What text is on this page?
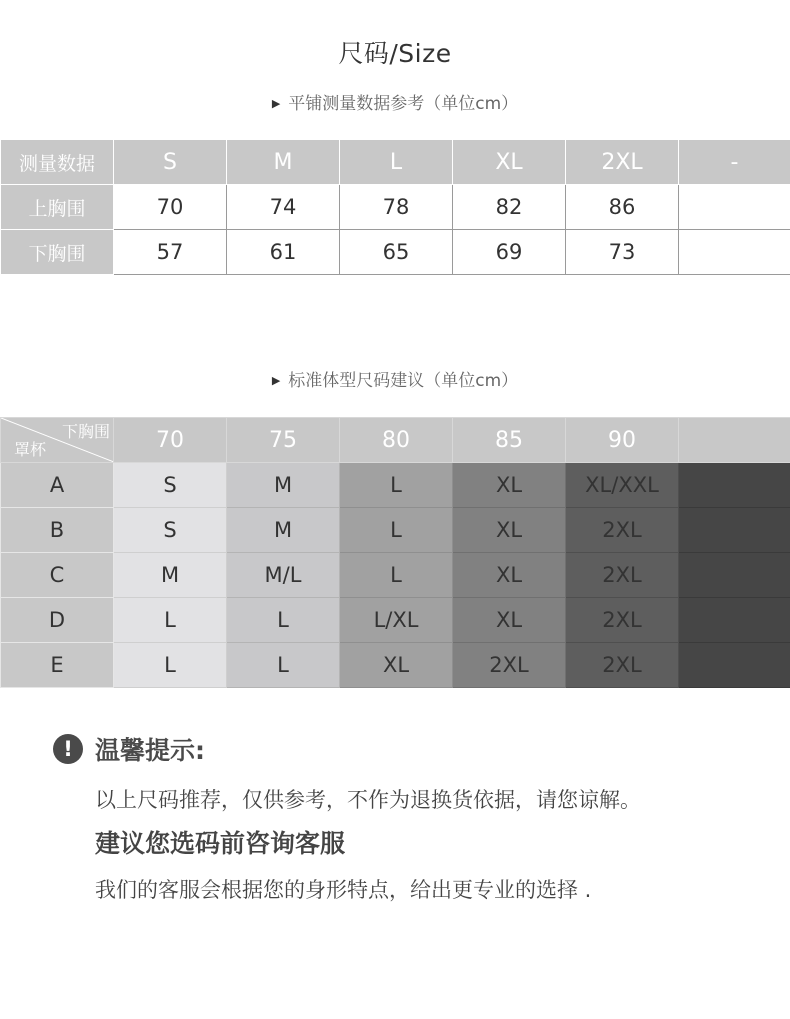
尺码/Size
▶ 平铺测量数据参考（单位cm）
测量数据	S	M	L	XL	2XL	-
上胸围	70	74	78	82	86	
下胸围	57	61	65	69	73	
▶ 标准体型尺码建议（单位cm）
下胸围
罩杯	70	75	80	85	90	
A	S	M	L	XL	XL/XXL	
B	S	M	L	XL	2XL	
C	M	M/L	L	XL	2XL	
D	L	L	L/XL	XL	2XL	
E	L	L	XL	2XL	2XL	
! 温馨提示:
以上尺码推荐，仅供参考，不作为退换货依据，请您谅解。
建议您选码前咨询客服
我们的客服会根据您的身形特点，给出更专业的选择 .
